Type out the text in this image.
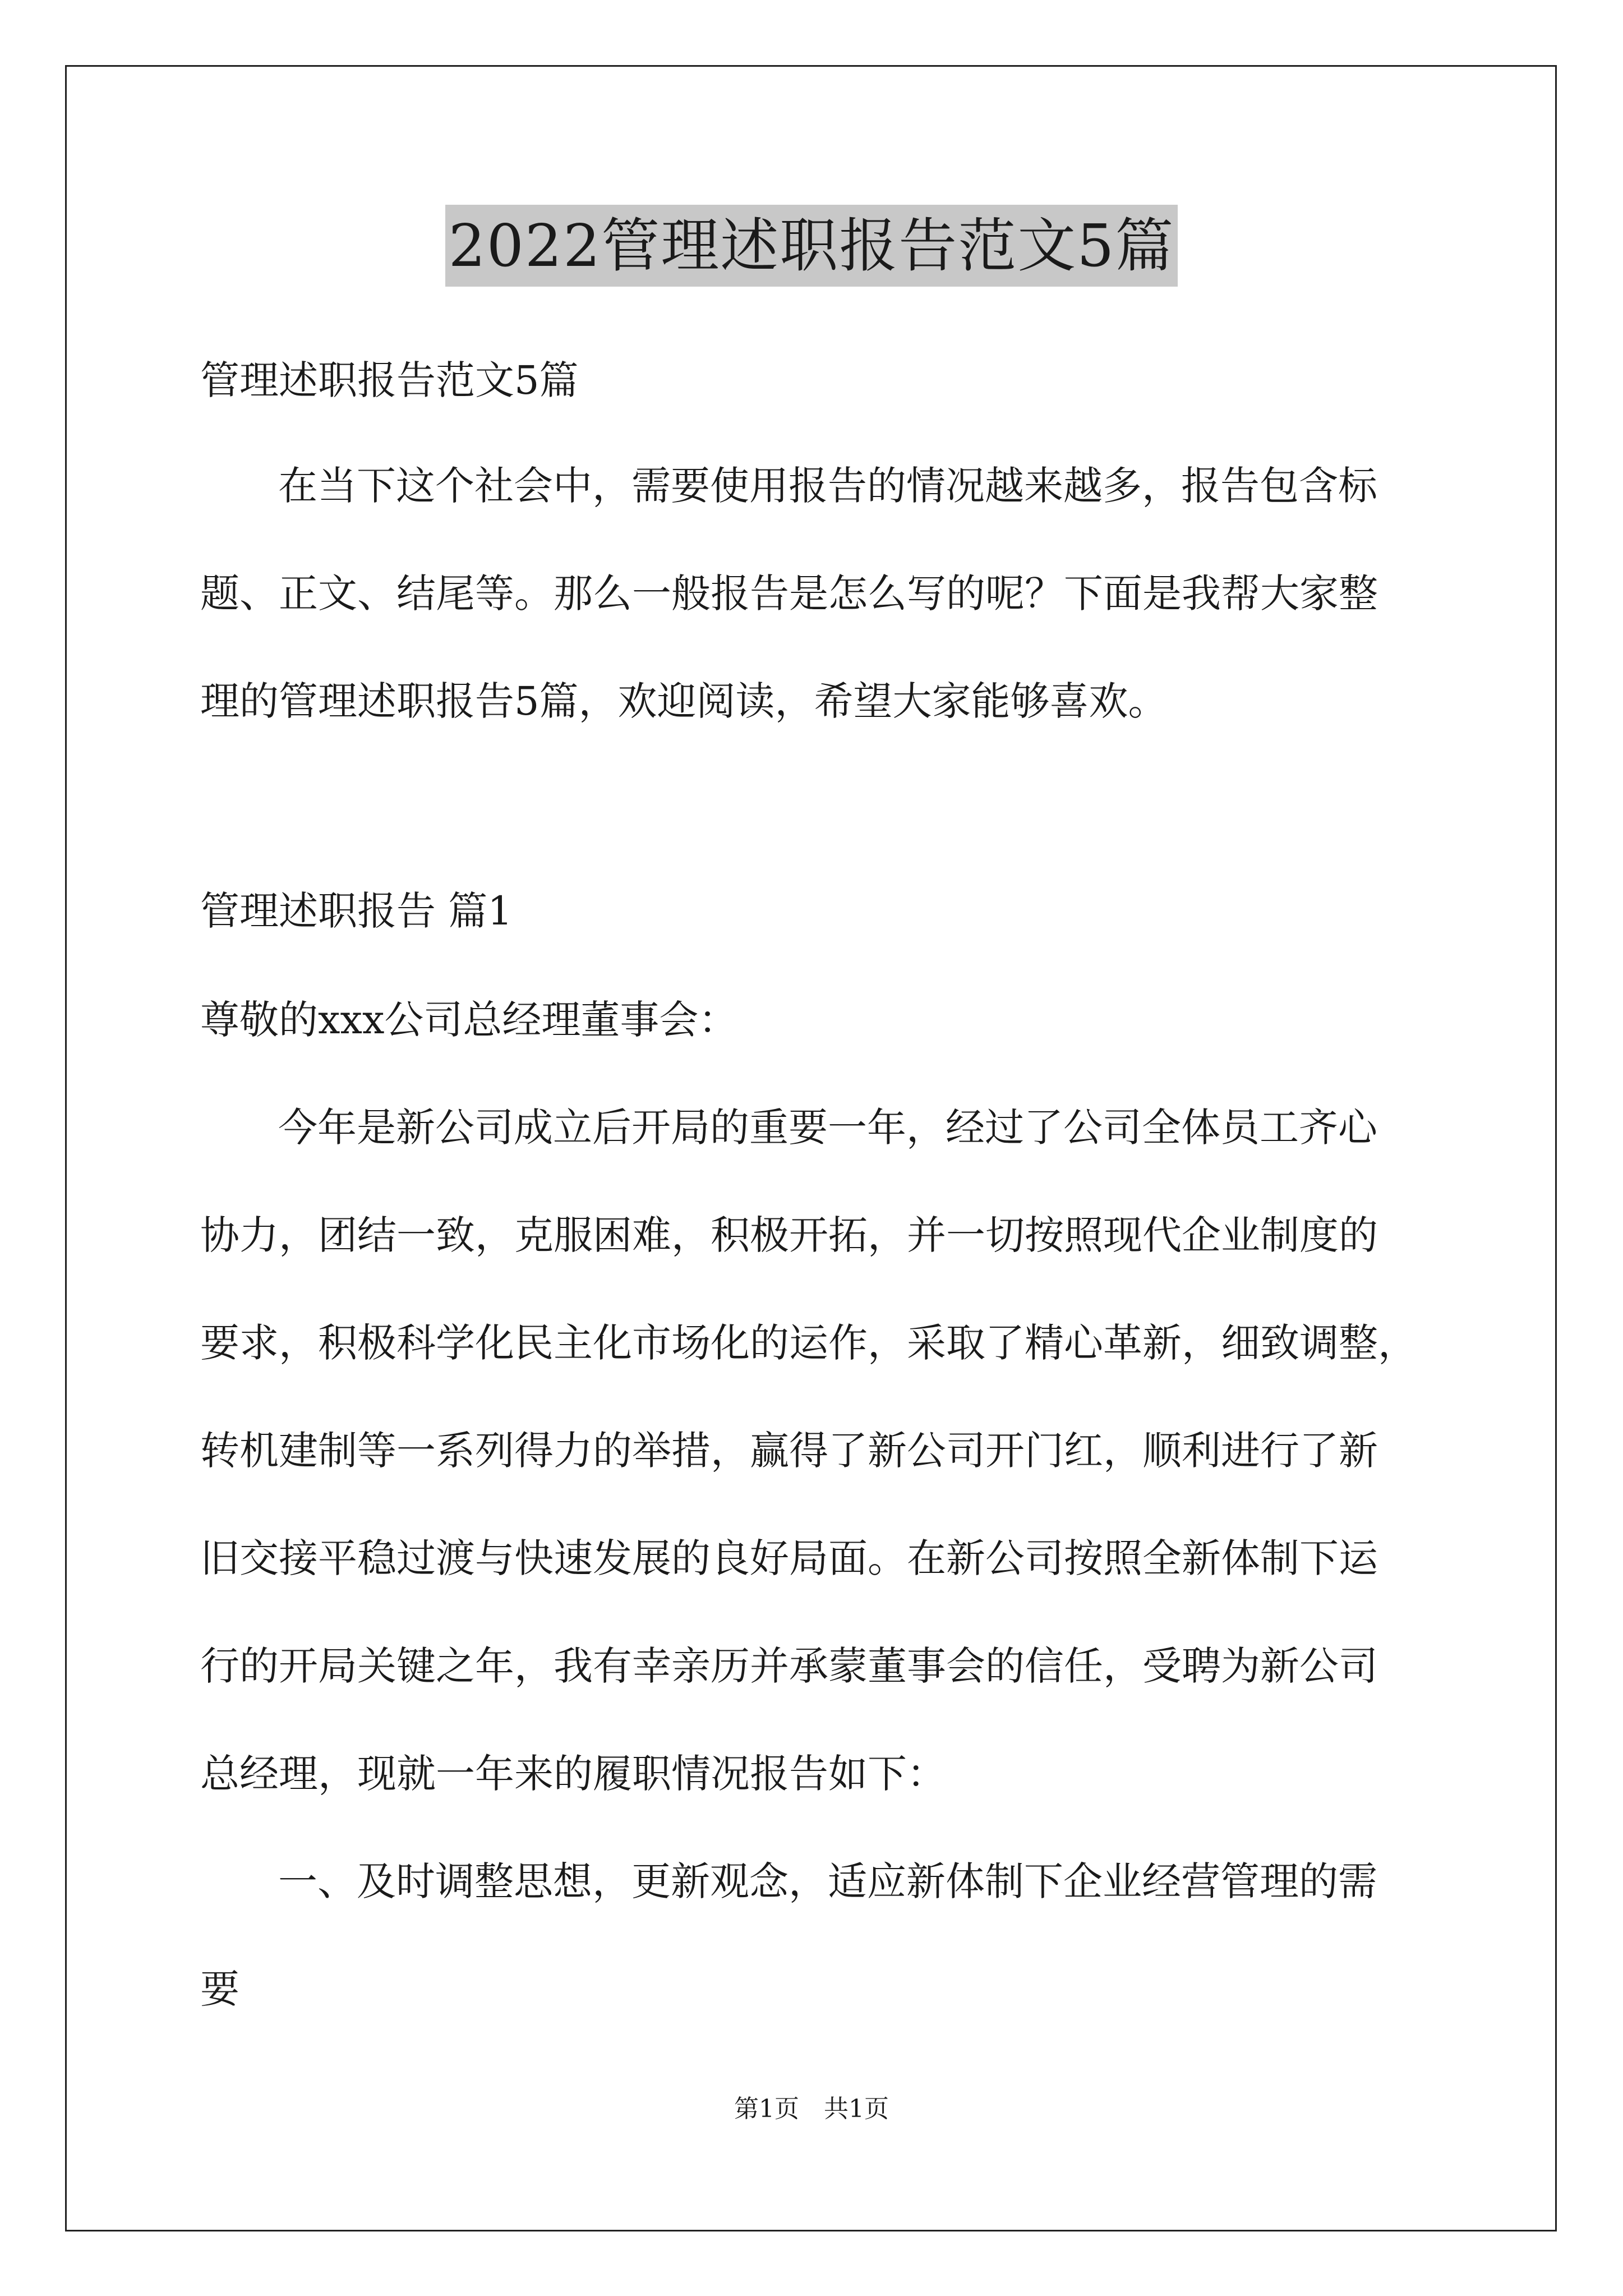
2022管理述职报告范文5篇
管理述职报告范文5篇
在当下这个社会中，需要使用报告的情况越来越多，报告包含标
题、正文、结尾等。那么一般报告是怎么写的呢？下面是我帮大家整
理的管理述职报告5篇，欢迎阅读，希望大家能够喜欢。
管理述职报告 篇1
尊敬的xxx公司总经理董事会：
今年是新公司成立后开局的重要一年，经过了公司全体员工齐心
协力，团结一致，克服困难，积极开拓，并一切按照现代企业制度的
要求，积极科学化民主化市场化的运作，采取了精心革新，细致调整，
转机建制等一系列得力的举措，赢得了新公司开门红，顺利进行了新
旧交接平稳过渡与快速发展的良好局面。在新公司按照全新体制下运
行的开局关键之年，我有幸亲历并承蒙董事会的信任，受聘为新公司
总经理，现就一年来的履职情况报告如下：
一、及时调整思想，更新观念，适应新体制下企业经营管理的需
要
第1页　共1页
